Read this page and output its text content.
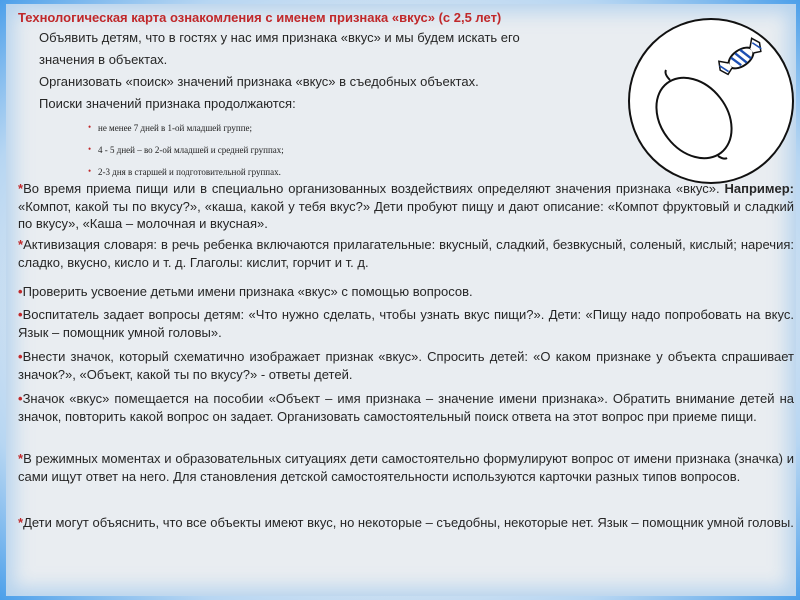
Технологическая карта ознакомления с именем признака «вкус» (с 2,5 лет)
Объявить детям, что в гостях у нас имя признака «вкус» и мы будем искать его
значения в объектах.
Организовать «поиск» значений признака «вкус» в съедобных объектах.
Поиски значений признака продолжаются:
• не менее 7 дней в 1-ой младшей группе;
• 4 - 5 дней – во 2-ой младшей и средней группах;
• 2-3 дня в старшей и подготовительной группах.
*Во время приема пищи или в специально организованных воздействиях определяют значения признака «вкус». Например: «Компот, какой ты по вкусу?», «каша, какой у тебя вкус?» Дети пробуют пищу и дают описание: «Компот фруктовый и сладкий по вкусу», «Каша – молочная и вкусная».
*Активизация словаря: в речь ребенка включаются прилагательные: вкусный, сладкий, безвкусный, соленый, кислый; наречия: сладко, вкусно, кисло и т. д. Глаголы: кислит, горчит и т. д.
•Проверить усвоение детьми имени признака «вкус» с помощью вопросов.
•Воспитатель задает вопросы детям: «Что нужно сделать, чтобы узнать вкус пищи?». Дети: «Пищу надо попробовать на вкус. Язык – помощник умной головы».
•Внести значок, который схематично изображает признак «вкус». Спросить детей: «О каком признаке у объекта спрашивает значок?», «Объект, какой ты по вкусу?» - ответы детей.
•Значок «вкус» помещается на пособии «Объект – имя признака – значение имени признака». Обратить внимание детей на значок, повторить какой вопрос он задает. Организовать самостоятельный поиск ответа на этот вопрос при приеме пищи.
*В режимных моментах и образовательных ситуациях дети самостоятельно формулируют вопрос от имени признака (значка) и сами ищут ответ на него. Для становления детской самостоятельности используются карточки разных типов вопросов.
*Дети могут объяснить, что все объекты имеют вкус, но некоторые – съедобны, некоторые нет. Язык – помощник умной головы.
